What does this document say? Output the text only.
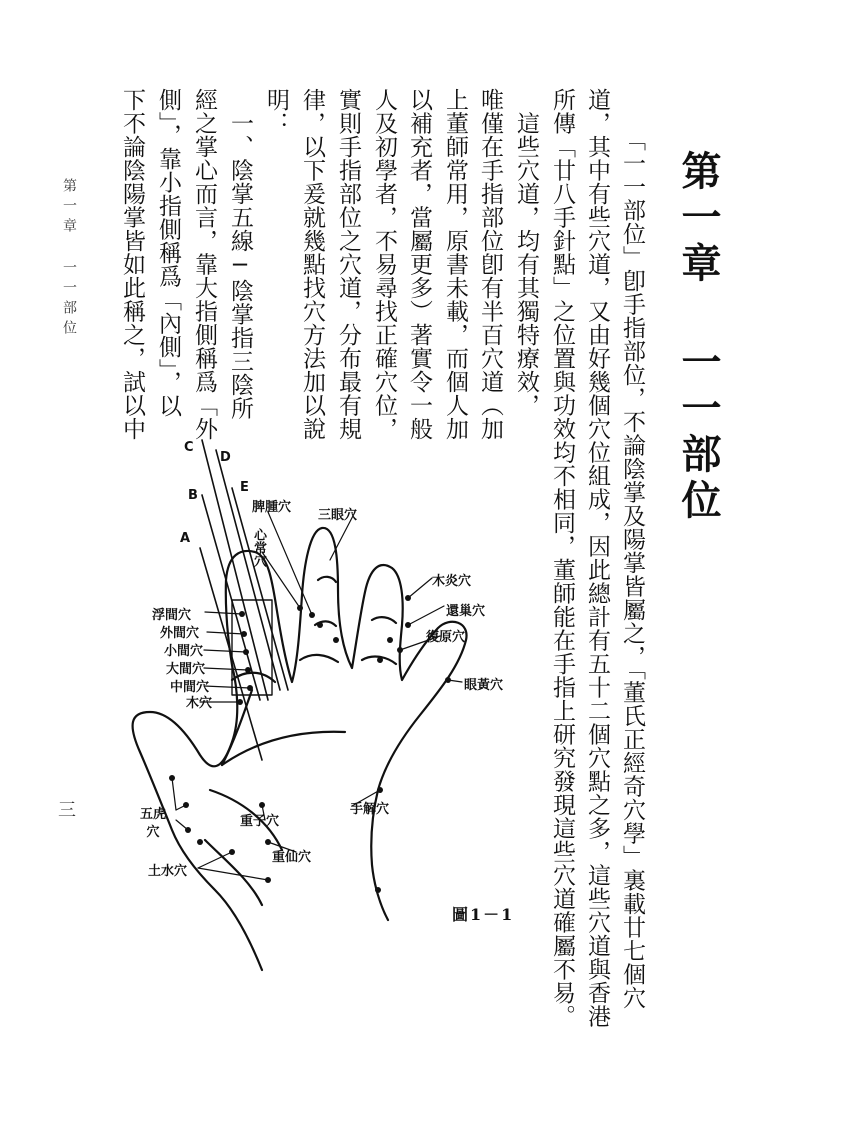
第一章 一一部位
「一一部位」卽手指部位，不論陰掌及陽掌皆屬之，「董氏正經奇穴學」裏載廿七個穴
道，其中有些穴道，又由好幾個穴位組成，因此總計有五十二個穴點之多，這些穴道與香港
所傳「廿八手針點」之位置與功效均不相同，董師能在手指上研究發現這些穴道確屬不易。
　這些穴道，均有其獨特療效，
唯僅在手指部位卽有半百穴道（加
上董師常用，原書未載，而個人加
以補充者，當屬更多）著實令一般
人及初學者，不易尋找正確穴位，
實則手指部位之穴道，分布最有規
律，以下爰就幾點找穴方法加以說
明：
　一、陰掌五線─陰掌指三陰所
經之掌心而言，靠大指側稱爲「外
側」，靠小指側稱爲「內側」，以
下不論陰陽掌皆如此稱之，試以中
第一章 一一部位
三
A
B
C
D
E
脾腫穴
三眼穴
心常穴
木炎穴
還巢穴
復原穴
眼黃穴
浮間穴
外間穴
小間穴
大間穴
中間穴
木穴
手解穴
五虎穴
重子穴
重仙穴
土水穴
圖1－1
